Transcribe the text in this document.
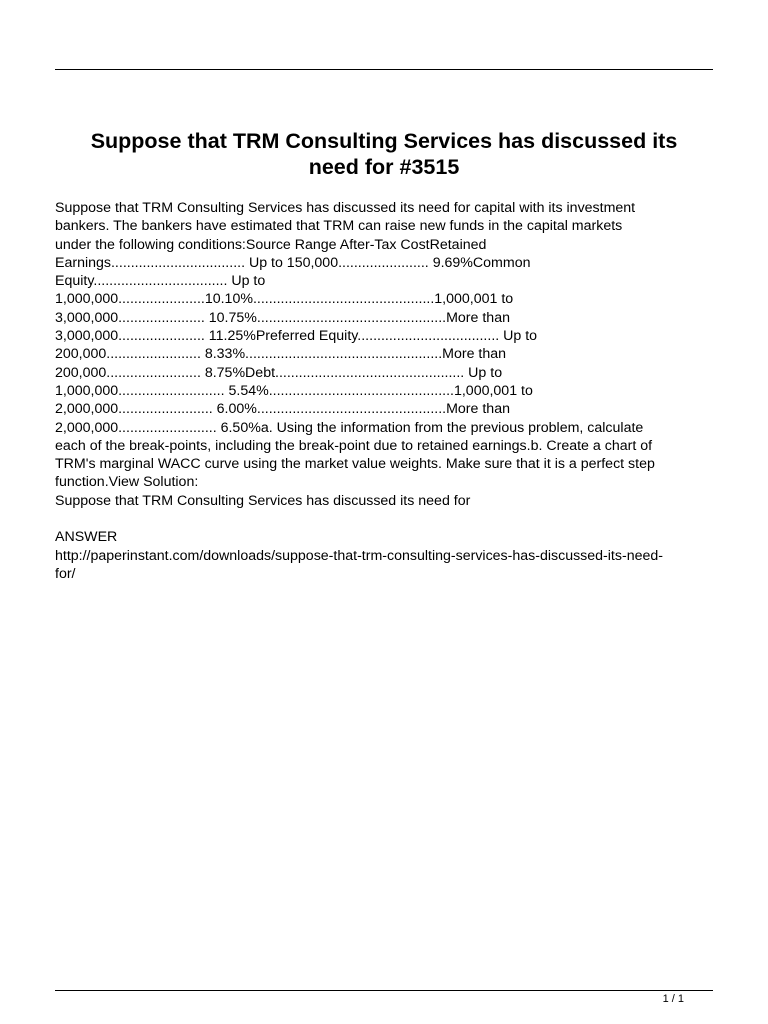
Suppose that TRM Consulting Services has discussed its
need for #3515
Suppose that TRM Consulting Services has discussed its need for capital with its investment
bankers. The bankers have estimated that TRM can raise new funds in the capital markets
under the following conditions:Source Range After-Tax CostRetained
Earnings.................................. Up to 150,000....................... 9.69%Common
Equity.................................. Up to
1,000,000......................10.10%..............................................1,000,001 to
3,000,000...................... 10.75%................................................More than
3,000,000...................... 11.25%Preferred Equity.................................... Up to
200,000........................ 8.33%..................................................More than
200,000........................ 8.75%Debt................................................ Up to
1,000,000........................... 5.54%...............................................1,000,001 to
2,000,000........................ 6.00%................................................More than
2,000,000......................... 6.50%a. Using the information from the previous problem, calculate
each of the break-points, including the break-point due to retained earnings.b. Create a chart of
TRM's marginal WACC curve using the market value weights. Make sure that it is a perfect step
function.View Solution:
Suppose that TRM Consulting Services has discussed its need for
ANSWER
http://paperinstant.com/downloads/suppose-that-trm-consulting-services-has-discussed-its-need-
for/
1 / 1
